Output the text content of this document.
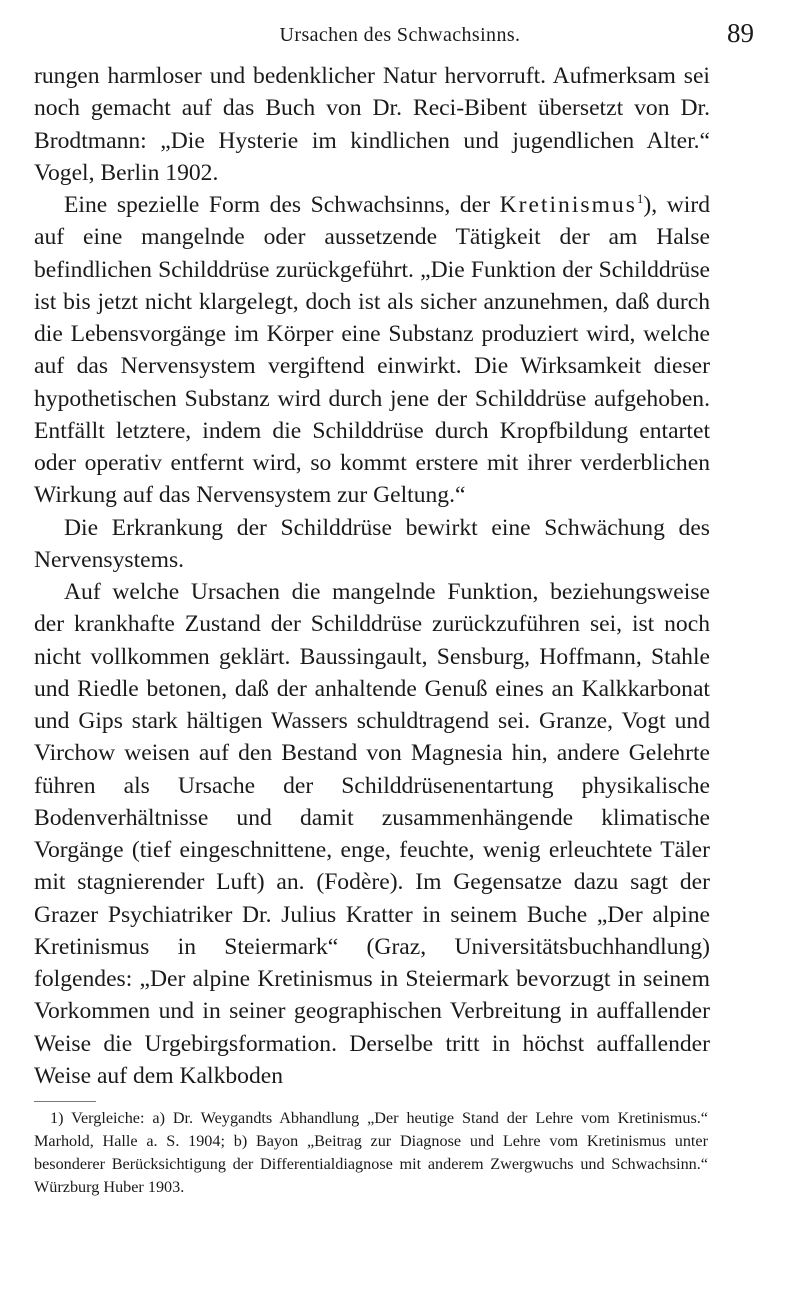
Ursachen des Schwachsinns.	89

rungen harmloser und bedenklicher Natur hervorruft. Aufmerksam sei noch gemacht auf das Buch von Dr. Reci-Bibent übersetzt von Dr. Brodtmann: „Die Hysterie im kindlichen und jugendlichen Alter.“ Vogel, Berlin 1902.

Eine spezielle Form des Schwachsinns, der Kretinismus$^1$), wird auf eine mangelnde oder aussetzende Tätigkeit der am Halse befindlichen Schilddrüse zurückgeführt. „Die Funktion der Schilddrüse ist bis jetzt nicht klargelegt, doch ist als sicher anzunehmen, daß durch die Lebensvorgänge im Körper eine Substanz produziert wird, welche auf das Nervensystem vergiftend einwirkt. Die Wirksamkeit dieser hypothetischen Substanz wird durch jene der Schilddrüse aufgehoben. Entfällt letztere, indem die Schilddrüse durch Kropfbildung entartet oder operativ entfernt wird, so kommt erstere mit ihrer verderblichen Wirkung auf das Nervensystem zur Geltung.“

Die Erkrankung der Schilddrüse bewirkt eine Schwächung des Nervensystems.

Auf welche Ursachen die mangelnde Funktion, beziehungsweise der krankhafte Zustand der Schilddrüse zurückzuführen sei, ist noch nicht vollkommen geklärt. Baussingault, Sensburg, Hoffmann, Stahle und Riedle betonen, daß der anhaltende Genuß eines an Kalkkarbonat und Gips stark hältigen Wassers schuldtragend sei. Granze, Vogt und Virchow weisen auf den Bestand von Magnesia hin, andere Gelehrte führen als Ursache der Schilddrüsenentartung physikalische Bodenverhältnisse und damit zusammenhängende klimatische Vorgänge (tief eingeschnittene, enge, feuchte, wenig erleuchtete Täler mit stagnierender Luft) an. (Fodère). Im Gegensatze dazu sagt der Grazer Psychiatriker Dr. Julius Kratter in seinem Buche „Der alpine Kretinismus in Steiermark“ (Graz, Universitätsbuchhandlung) folgendes: „Der alpine Kretinismus in Steiermark bevorzugt in seinem Vorkommen und in seiner geographischen Verbreitung in auffallender Weise die Urgebirgsformation. Derselbe tritt in höchst auffallender Weise auf dem Kalkboden

1) Vergleiche: a) Dr. Weygandts Abhandlung „Der heutige Stand der Lehre vom Kretinismus.“ Marhold, Halle a. S. 1904; b) Bayon „Beitrag zur Diagnose und Lehre vom Kretinismus unter besonderer Berücksichtigung der Differentialdiagnose mit anderem Zwergwuchs und Schwachsinn.“ Würzburg Huber 1903.
